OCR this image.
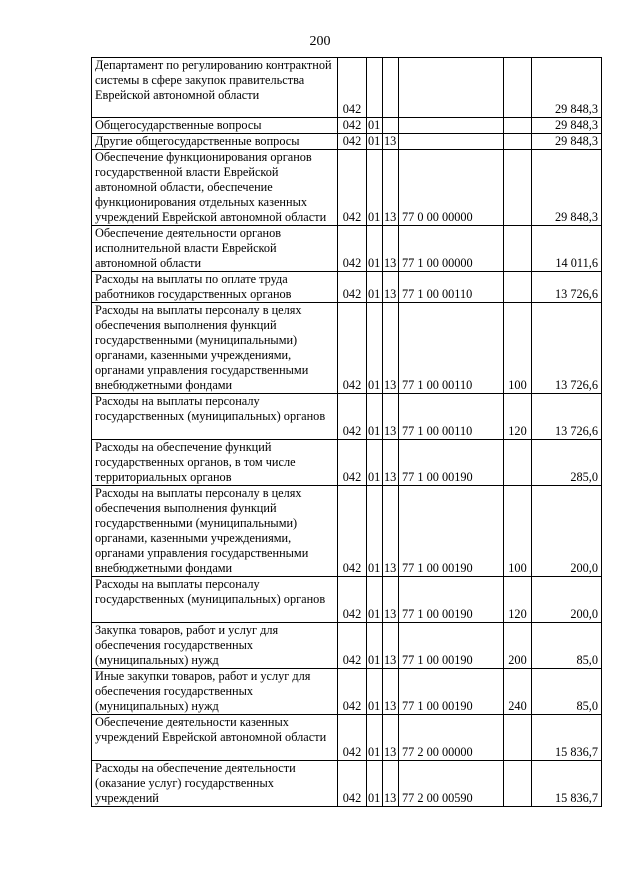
200
Департамент по регулированию контрактной системы в сфере закупок правительства Еврейской автономной области	042					29 848,3
Общегосударственные вопросы	042	01				29 848,3
Другие общегосударственные вопросы	042	01	13			29 848,3
Обеспечение функционирования органов государственной власти Еврейской автономной области, обеспечение функционирования отдельных казенных учреждений Еврейской автономной области	042	01	13	77 0 00 00000		29 848,3
Обеспечение деятельности органов исполнительной власти Еврейской автономной области	042	01	13	77 1 00 00000		14 011,6
Расходы на выплаты по оплате труда работников государственных органов	042	01	13	77 1 00 00110		13 726,6
Расходы на выплаты персоналу в целях обеспечения выполнения функций государственными (муниципальными) органами, казенными учреждениями, органами управления государственными внебюджетными фондами	042	01	13	77 1 00 00110	100	13 726,6
Расходы на выплаты персоналу государственных (муниципальных) органов	042	01	13	77 1 00 00110	120	13 726,6
Расходы на обеспечение функций государственных органов, в том числе территориальных органов	042	01	13	77 1 00 00190		285,0
Расходы на выплаты персоналу в целях обеспечения выполнения функций государственными (муниципальными) органами, казенными учреждениями, органами управления государственными внебюджетными фондами	042	01	13	77 1 00 00190	100	200,0
Расходы на выплаты персоналу государственных (муниципальных) органов	042	01	13	77 1 00 00190	120	200,0
Закупка товаров, работ и услуг для обеспечения государственных (муниципальных) нужд	042	01	13	77 1 00 00190	200	85,0
Иные закупки товаров, работ и услуг для обеспечения государственных (муниципальных) нужд	042	01	13	77 1 00 00190	240	85,0
Обеспечение деятельности казенных учреждений Еврейской автономной области	042	01	13	77 2 00 00000		15 836,7
Расходы на обеспечение деятельности (оказание услуг) государственных учреждений	042	01	13	77 2 00 00590		15 836,7
